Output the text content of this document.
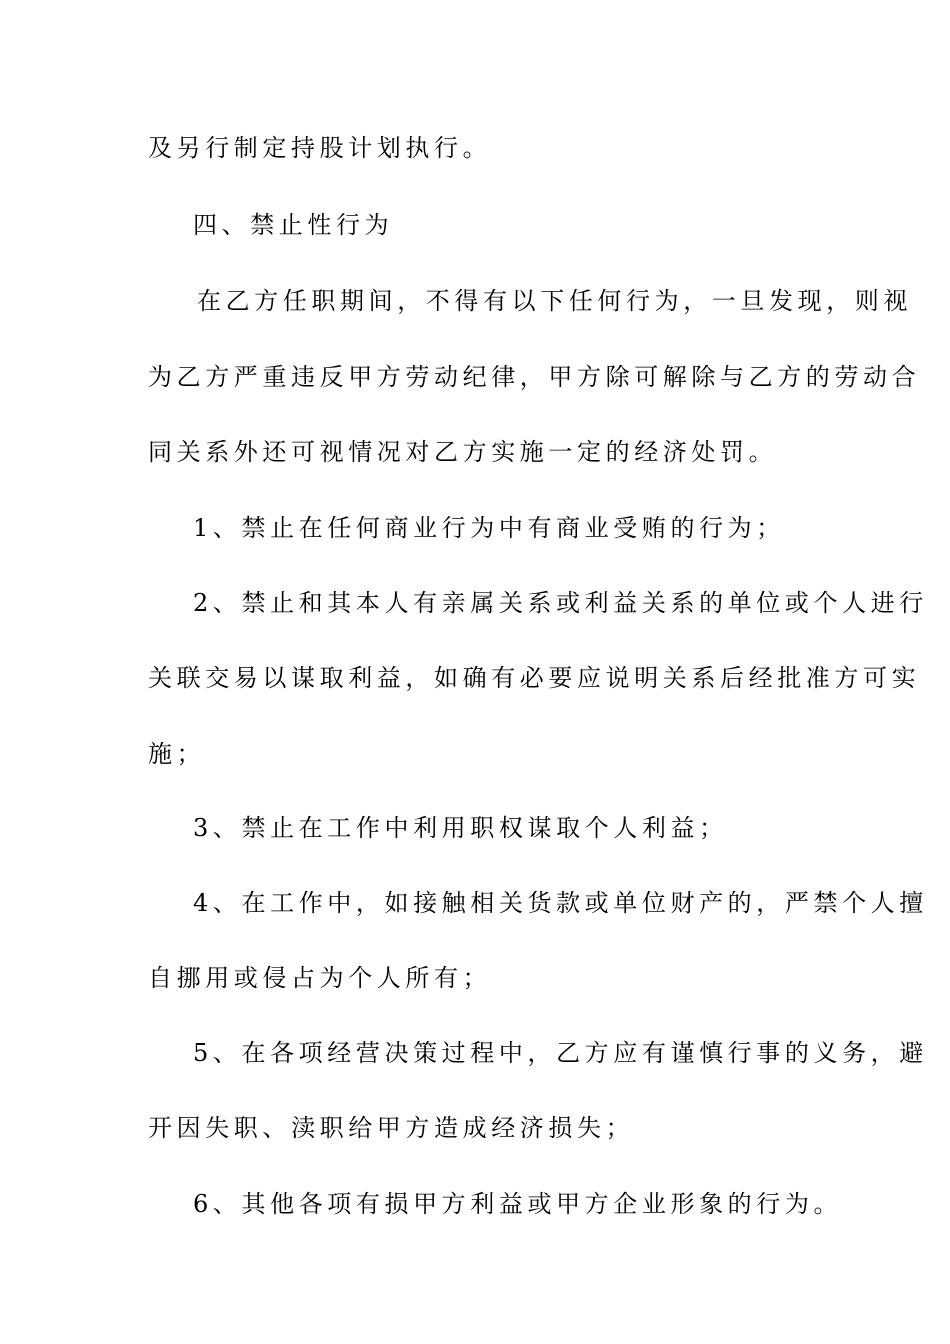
及另行制定持股计划执行。
四、禁止性行为
在乙方任职期间，不得有以下任何行为，一旦发现，则视
为乙方严重违反甲方劳动纪律，甲方除可解除与乙方的劳动合
同关系外还可视情况对乙方实施一定的经济处罚。
1、禁止在任何商业行为中有商业受贿的行为；
2、禁止和其本人有亲属关系或利益关系的单位或个人进行
关联交易以谋取利益，如确有必要应说明关系后经批准方可实
施；
3、禁止在工作中利用职权谋取个人利益；
4、在工作中，如接触相关货款或单位财产的，严禁个人擅
自挪用或侵占为个人所有；
5、在各项经营决策过程中，乙方应有谨慎行事的义务，避
开因失职、渎职给甲方造成经济损失；
6、其他各项有损甲方利益或甲方企业形象的行为。
